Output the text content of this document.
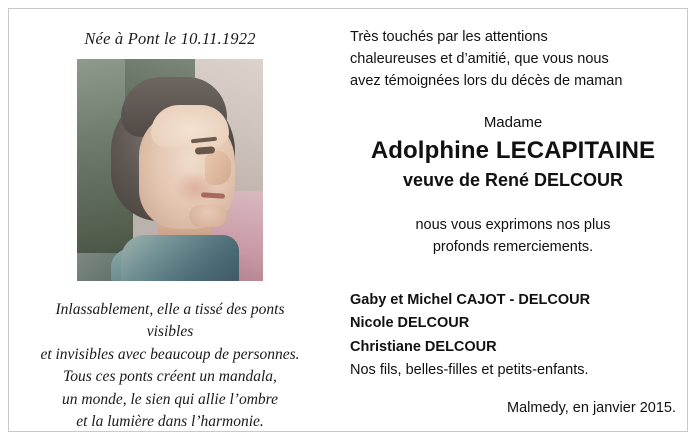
Née à Pont le 10.11.1922
Inlassablement, elle a tissé des ponts visibles
et invisibles avec beaucoup de personnes.
Tous ces ponts créent un mandala,
un monde, le sien qui allie l’ombre
et la lumière dans l’harmonie.
Très touchés par les attentions
chaleureuses et d’amitié, que vous nous
avez témoignées lors du décès de maman
Madame
Adolphine LECAPITAINE
veuve de René DELCOUR
nous vous exprimons nos plus
profonds remerciements.
Gaby et Michel CAJOT - DELCOUR
Nicole DELCOUR
Christiane DELCOUR
Nos fils, belles-filles et petits-enfants.
Malmedy, en janvier 2015.
